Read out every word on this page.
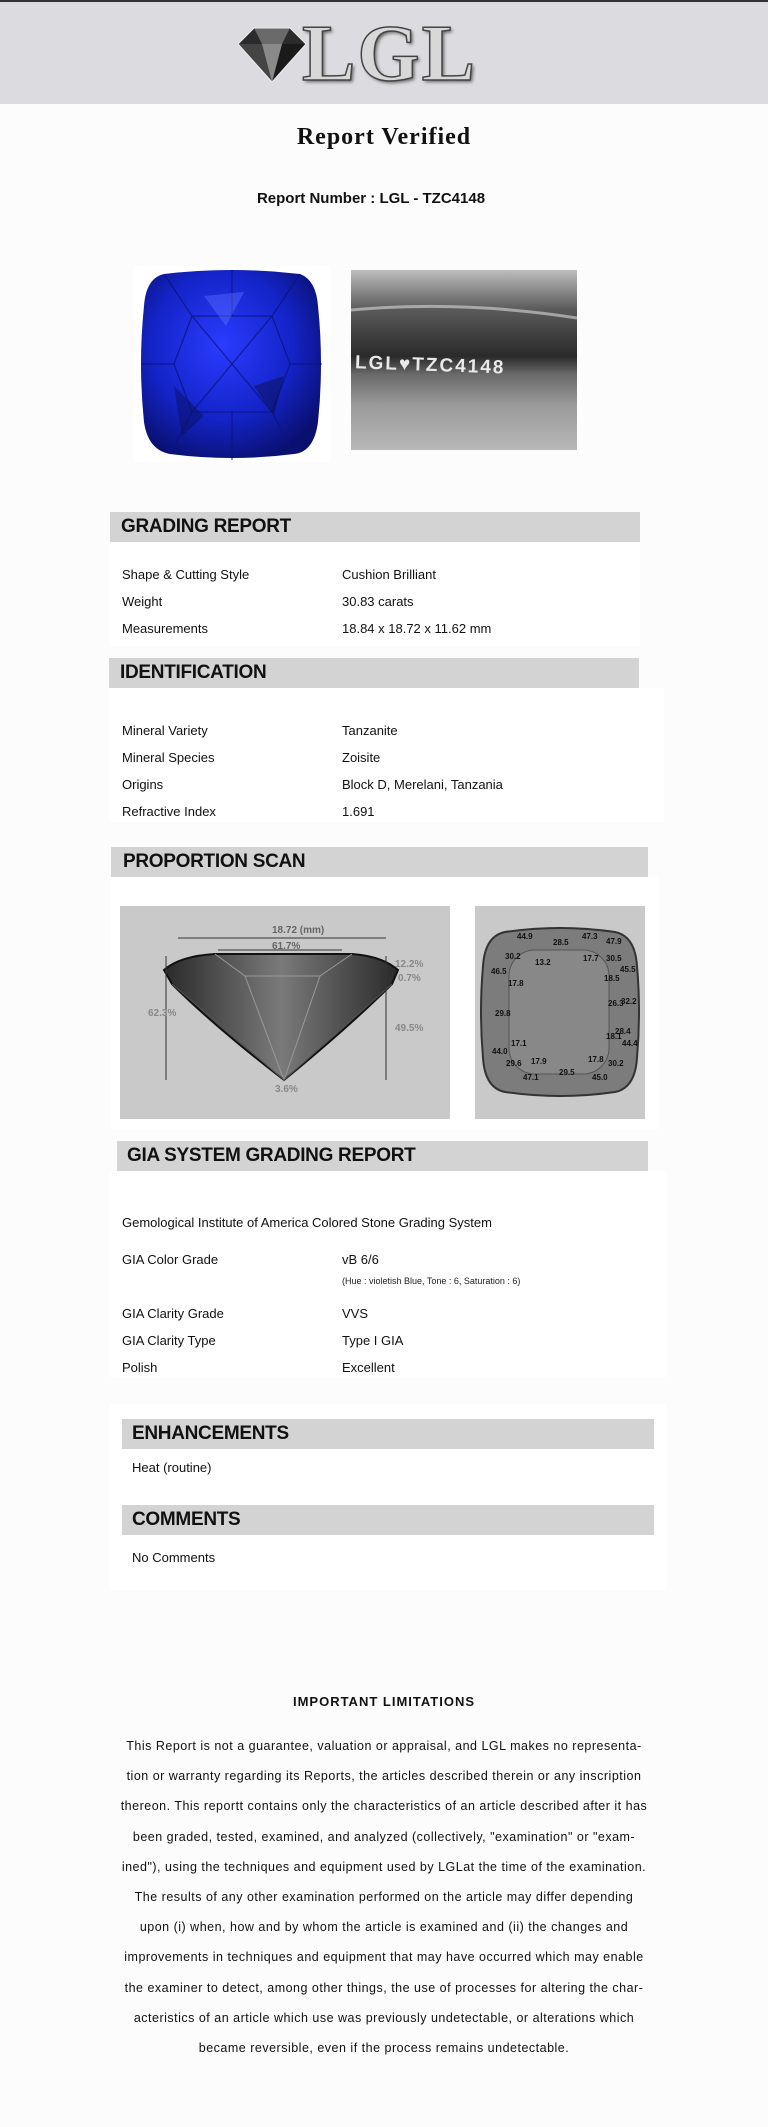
LGL
Report Verified
Report Number : LGL - TZC4148
LGL♥TZC4148
GRADING REPORT
Shape & Cutting Style	Cushion Brilliant
Weight	30.83 carats
Measurements	18.84 x 18.72 x 11.62 mm
IDENTIFICATION
Mineral Variety	Tanzanite
Mineral Species	Zoisite
Origins	Block D, Merelani, Tanzania
Refractive Index	1.691
PROPORTION SCAN
18.72 (mm)
61.7%
62.3%
12.2%
0.7%
49.5%
3.6%
44.9
28.5
47.3
47.9
30.2
13.2	17.7 30.5
46.5	45.5
17.8
18.5
26.3
32.2
29.8
28.4
17.1
18.1
44.4
44.0
29.6 17.9	17.8 30.2
47.1
29.5
45.0
GIA SYSTEM GRADING REPORT
Gemological Institute of America Colored Stone Grading System
GIA Color Grade	vB 6/6
(Hue : violetish Blue, Tone : 6, Saturation : 6)
GIA Clarity Grade	VVS
GIA Clarity Type	Type I GIA
Polish	Excellent
ENHANCEMENTS
Heat (routine)
COMMENTS
No Comments
IMPORTANT LIMITATIONS
This Report is not a guarantee, valuation or appraisal, and LGL makes no representa-
tion or warranty regarding its Reports, the articles described therein or any inscription
thereon. This reportt contains only the characteristics of an article described after it has
been graded, tested, examined, and analyzed (collectively, "examination" or "exam-
ined"), using the techniques and equipment used by LGLat the time of the examination.
The results of any other examination performed on the article may differ depending
upon (i) when, how and by whom the article is examined and (ii) the changes and
improvements in techniques and equipment that may have occurred which may enable
the examiner to detect, among other things, the use of processes for altering the char-
acteristics of an article which use was previously undetectable, or alterations which
became reversible, even if the process remains undetectable.
